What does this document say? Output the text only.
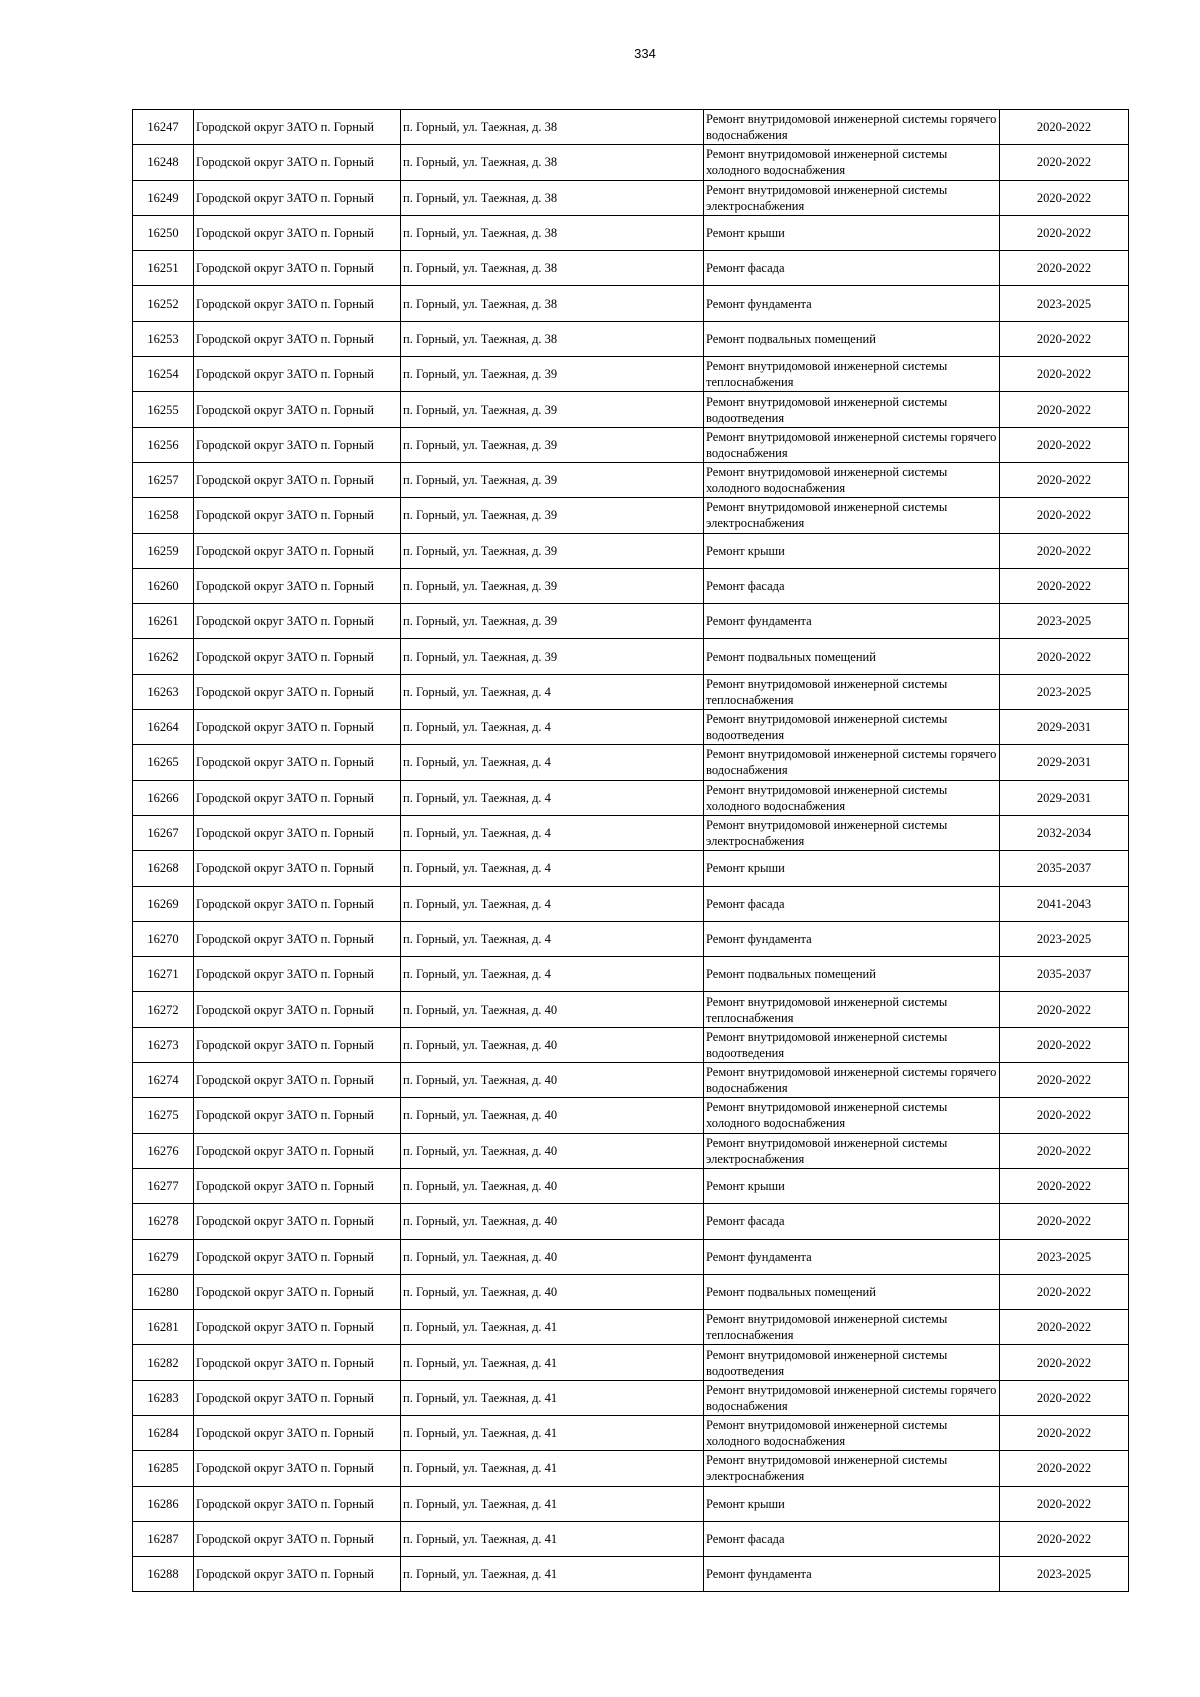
334
16247	Городской округ ЗАТО п. Горный	п. Горный, ул. Таежная, д. 38	Ремонт внутридомовой инженерной системы горячего водоснабжения	2020-2022
16248	Городской округ ЗАТО п. Горный	п. Горный, ул. Таежная, д. 38	Ремонт внутридомовой инженерной системы холодного водоснабжения	2020-2022
16249	Городской округ ЗАТО п. Горный	п. Горный, ул. Таежная, д. 38	Ремонт внутридомовой инженерной системы электроснабжения	2020-2022
16250	Городской округ ЗАТО п. Горный	п. Горный, ул. Таежная, д. 38	Ремонт крыши	2020-2022
16251	Городской округ ЗАТО п. Горный	п. Горный, ул. Таежная, д. 38	Ремонт фасада	2020-2022
16252	Городской округ ЗАТО п. Горный	п. Горный, ул. Таежная, д. 38	Ремонт фундамента	2023-2025
16253	Городской округ ЗАТО п. Горный	п. Горный, ул. Таежная, д. 38	Ремонт подвальных помещений	2020-2022
16254	Городской округ ЗАТО п. Горный	п. Горный, ул. Таежная, д. 39	Ремонт внутридомовой инженерной системы теплоснабжения	2020-2022
16255	Городской округ ЗАТО п. Горный	п. Горный, ул. Таежная, д. 39	Ремонт внутридомовой инженерной системы водоотведения	2020-2022
16256	Городской округ ЗАТО п. Горный	п. Горный, ул. Таежная, д. 39	Ремонт внутридомовой инженерной системы горячего водоснабжения	2020-2022
16257	Городской округ ЗАТО п. Горный	п. Горный, ул. Таежная, д. 39	Ремонт внутридомовой инженерной системы холодного водоснабжения	2020-2022
16258	Городской округ ЗАТО п. Горный	п. Горный, ул. Таежная, д. 39	Ремонт внутридомовой инженерной системы электроснабжения	2020-2022
16259	Городской округ ЗАТО п. Горный	п. Горный, ул. Таежная, д. 39	Ремонт крыши	2020-2022
16260	Городской округ ЗАТО п. Горный	п. Горный, ул. Таежная, д. 39	Ремонт фасада	2020-2022
16261	Городской округ ЗАТО п. Горный	п. Горный, ул. Таежная, д. 39	Ремонт фундамента	2023-2025
16262	Городской округ ЗАТО п. Горный	п. Горный, ул. Таежная, д. 39	Ремонт подвальных помещений	2020-2022
16263	Городской округ ЗАТО п. Горный	п. Горный, ул. Таежная, д. 4	Ремонт внутридомовой инженерной системы теплоснабжения	2023-2025
16264	Городской округ ЗАТО п. Горный	п. Горный, ул. Таежная, д. 4	Ремонт внутридомовой инженерной системы водоотведения	2029-2031
16265	Городской округ ЗАТО п. Горный	п. Горный, ул. Таежная, д. 4	Ремонт внутридомовой инженерной системы горячего водоснабжения	2029-2031
16266	Городской округ ЗАТО п. Горный	п. Горный, ул. Таежная, д. 4	Ремонт внутридомовой инженерной системы холодного водоснабжения	2029-2031
16267	Городской округ ЗАТО п. Горный	п. Горный, ул. Таежная, д. 4	Ремонт внутридомовой инженерной системы электроснабжения	2032-2034
16268	Городской округ ЗАТО п. Горный	п. Горный, ул. Таежная, д. 4	Ремонт крыши	2035-2037
16269	Городской округ ЗАТО п. Горный	п. Горный, ул. Таежная, д. 4	Ремонт фасада	2041-2043
16270	Городской округ ЗАТО п. Горный	п. Горный, ул. Таежная, д. 4	Ремонт фундамента	2023-2025
16271	Городской округ ЗАТО п. Горный	п. Горный, ул. Таежная, д. 4	Ремонт подвальных помещений	2035-2037
16272	Городской округ ЗАТО п. Горный	п. Горный, ул. Таежная, д. 40	Ремонт внутридомовой инженерной системы теплоснабжения	2020-2022
16273	Городской округ ЗАТО п. Горный	п. Горный, ул. Таежная, д. 40	Ремонт внутридомовой инженерной системы водоотведения	2020-2022
16274	Городской округ ЗАТО п. Горный	п. Горный, ул. Таежная, д. 40	Ремонт внутридомовой инженерной системы горячего водоснабжения	2020-2022
16275	Городской округ ЗАТО п. Горный	п. Горный, ул. Таежная, д. 40	Ремонт внутридомовой инженерной системы холодного водоснабжения	2020-2022
16276	Городской округ ЗАТО п. Горный	п. Горный, ул. Таежная, д. 40	Ремонт внутридомовой инженерной системы электроснабжения	2020-2022
16277	Городской округ ЗАТО п. Горный	п. Горный, ул. Таежная, д. 40	Ремонт крыши	2020-2022
16278	Городской округ ЗАТО п. Горный	п. Горный, ул. Таежная, д. 40	Ремонт фасада	2020-2022
16279	Городской округ ЗАТО п. Горный	п. Горный, ул. Таежная, д. 40	Ремонт фундамента	2023-2025
16280	Городской округ ЗАТО п. Горный	п. Горный, ул. Таежная, д. 40	Ремонт подвальных помещений	2020-2022
16281	Городской округ ЗАТО п. Горный	п. Горный, ул. Таежная, д. 41	Ремонт внутридомовой инженерной системы теплоснабжения	2020-2022
16282	Городской округ ЗАТО п. Горный	п. Горный, ул. Таежная, д. 41	Ремонт внутридомовой инженерной системы водоотведения	2020-2022
16283	Городской округ ЗАТО п. Горный	п. Горный, ул. Таежная, д. 41	Ремонт внутридомовой инженерной системы горячего водоснабжения	2020-2022
16284	Городской округ ЗАТО п. Горный	п. Горный, ул. Таежная, д. 41	Ремонт внутридомовой инженерной системы холодного водоснабжения	2020-2022
16285	Городской округ ЗАТО п. Горный	п. Горный, ул. Таежная, д. 41	Ремонт внутридомовой инженерной системы электроснабжения	2020-2022
16286	Городской округ ЗАТО п. Горный	п. Горный, ул. Таежная, д. 41	Ремонт крыши	2020-2022
16287	Городской округ ЗАТО п. Горный	п. Горный, ул. Таежная, д. 41	Ремонт фасада	2020-2022
16288	Городской округ ЗАТО п. Горный	п. Горный, ул. Таежная, д. 41	Ремонт фундамента	2023-2025
